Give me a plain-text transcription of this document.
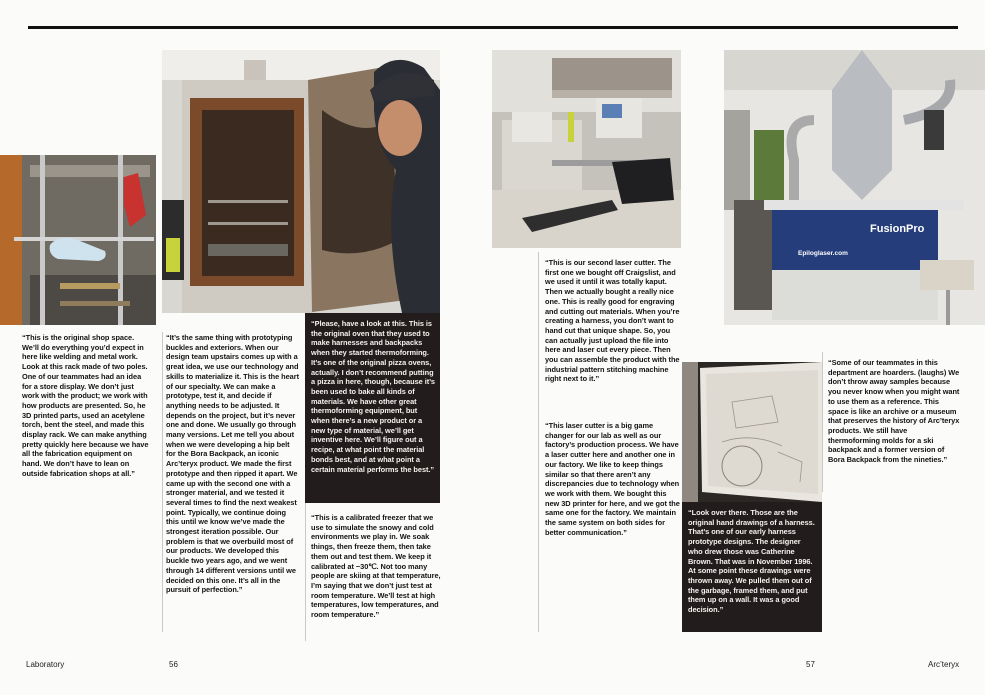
FusionPro
Epiloglaser.com

“This is the original shop space. We’ll do everything you’d expect in here like welding and metal work. Look at this rack made of two poles. One of our teammates had an idea for a store display. We don’t just work with the product; we work with how products are presented. So, he 3D printed parts, used an acetylene torch, bent the steel, and made this display rack. We can make anything pretty quickly here because we have all the fabrication equipment on hand. We don’t have to lean on outside fabrication shops at all.”

“It’s the same thing with prototyping buckles and exteriors. When our design team upstairs comes up with a great idea, we use our technology and skills to materialize it. This is the heart of our specialty. We can make a prototype, test it, and decide if anything needs to be adjusted. It depends on the project, but it’s never one and done. We usually go through many versions. Let me tell you about when we were developing a hip belt for the Bora Backpack, an iconic Arc’teryx product. We made the first prototype and then ripped it apart. We came up with the second one with a stronger material, and we tested it several times to find the next weakest point. Typically, we continue doing this until we know we’ve made the strongest iteration possible. Our problem is that we overbuild most of our products. We developed this buckle two years ago, and we went through 14 different versions until we decided on this one. It’s all in the pursuit of perfection.”

“Please, have a look at this. This is the original oven that they used to make harnesses and backpacks when they started thermoforming. It’s one of the original pizza ovens, actually. I don’t recommend putting a pizza in here, though, because it’s been used to bake all kinds of materials. We have other great thermoforming equipment, but when there’s a new product or a new type of material, we’ll get inventive here. We’ll figure out a recipe, at what point the material bonds best, and at what point a certain material performs the best.”

“This is a calibrated freezer that we use to simulate the snowy and cold environments we play in. We soak things, then freeze them, then take them out and test them. We keep it calibrated at −30℃. Not too many people are skiing at that temperature, I’m saying that we don’t just test at room temperature. We’ll test at high temperatures, low temperatures, and room temperature.”

“This is our second laser cutter. The first one we bought off Craigslist, and we used it until it was totally kaput. Then we actually bought a really nice one. This is really good for engraving and cutting out materials. When you’re creating a harness, you don’t want to hand cut that unique shape. So, you can actually just upload the file into here and laser cut every piece. Then you can assemble the product with the industrial pattern stitching machine right next to it.”

“This laser cutter is a big game changer for our lab as well as our factory’s production process. We have a laser cutter here and another one in our factory. We like to keep things similar so that there aren’t any discrepancies due to technology when we work with them. We bought this new 3D printer for here, and we got the same one for the factory. We maintain the same system on both sides for better communication.”

“Look over there. Those are the original hand drawings of a harness. That’s one of our early harness prototype designs. The designer who drew those was Catherine Brown. That was in November 1996. At some point these drawings were thrown away. We pulled them out of the garbage, framed them, and put them up on a wall. It was a good decision.”

“Some of our teammates in this department are hoarders. (laughs) We don’t throw away samples because you never know when you might want to use them as a reference. This space is like an archive or a museum that preserves the history of Arc’teryx products. We still have thermoforming molds for a ski backpack and a former version of Bora Backpack from the nineties.”

Laboratory	56	57	Arc’teryx
